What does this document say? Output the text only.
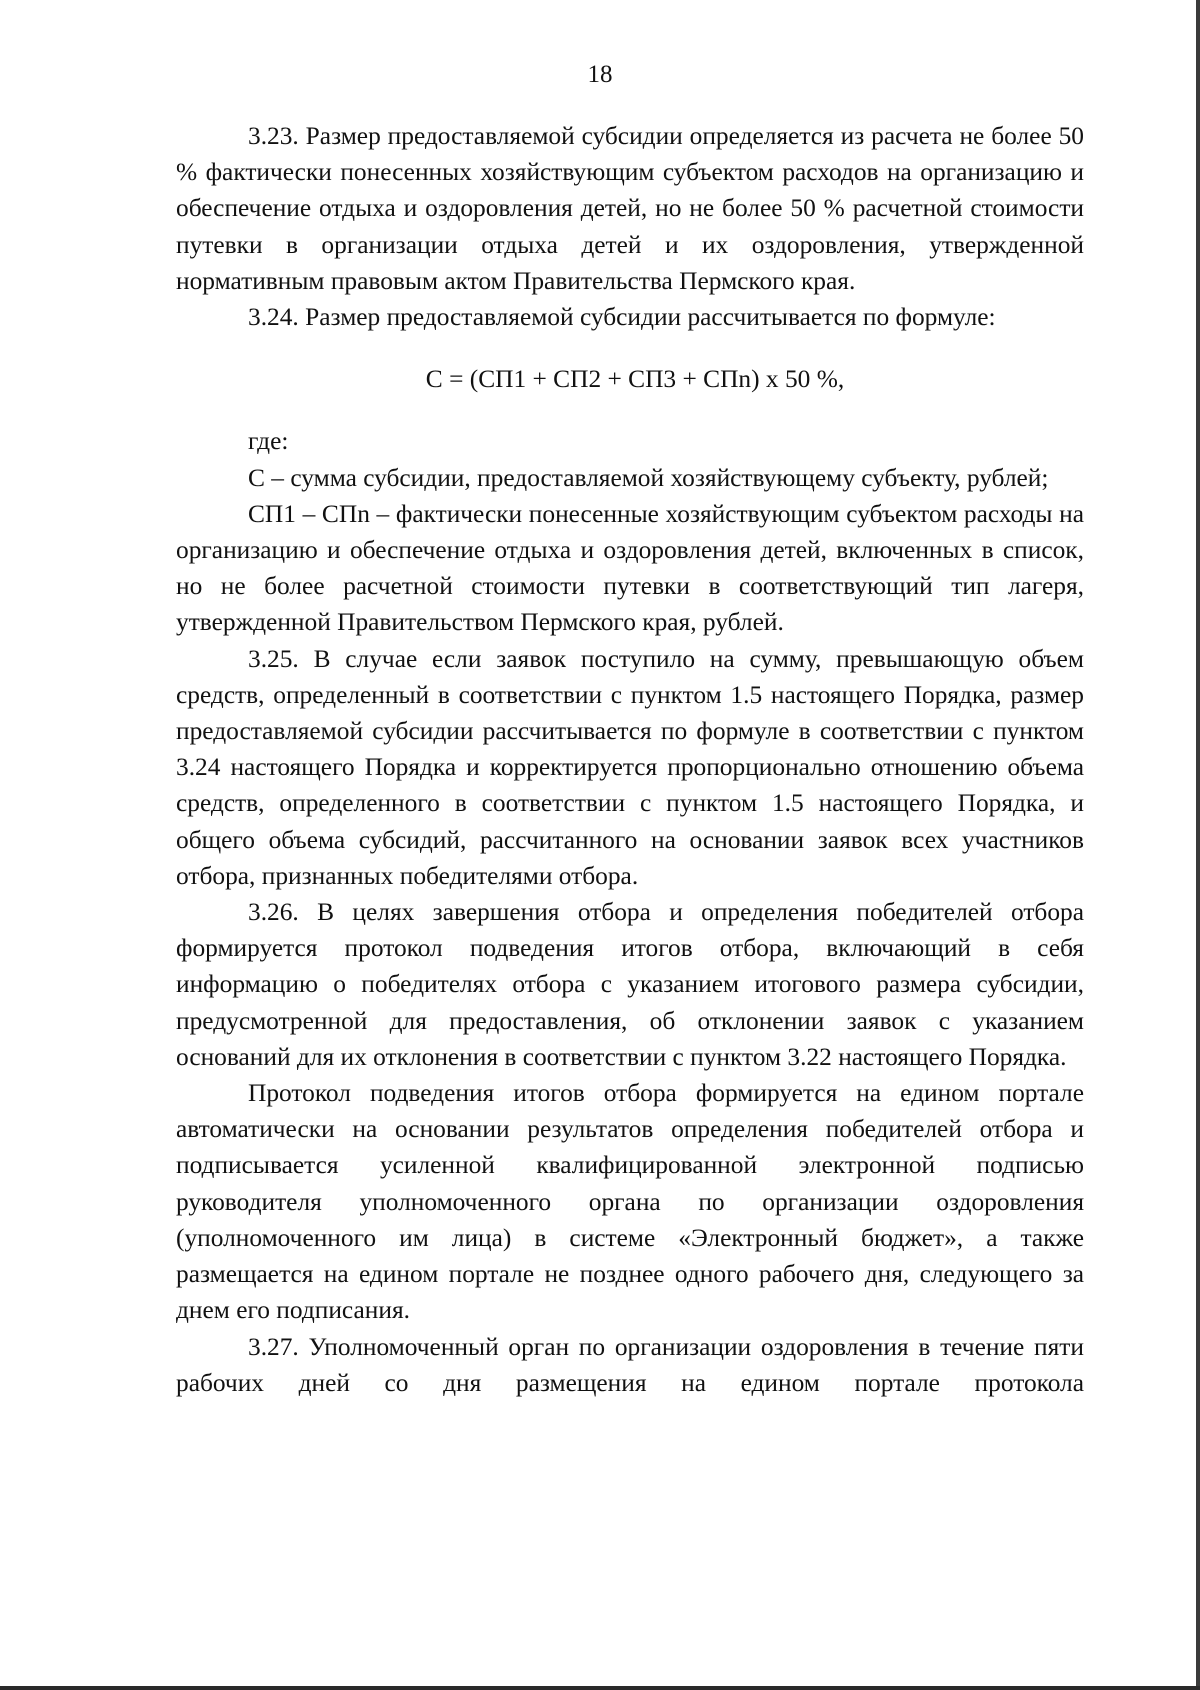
18

3.23. Размер предоставляемой субсидии определяется из расчета не более 50 % фактически понесенных хозяйствующим субъектом расходов на организацию и обеспечение отдыха и оздоровления детей, но не более 50 % расчетной стоимости путевки в организации отдыха детей и их оздоровления, утвержденной нормативным правовым актом Правительства Пермского края.

3.24. Размер предоставляемой субсидии рассчитывается по формуле:

С = (СП1 + СП2 + СП3 + СПn) х 50 %,

где:

С – сумма субсидии, предоставляемой хозяйствующему субъекту, рублей;

СП1 – СПn – фактически понесенные хозяйствующим субъектом расходы на организацию и обеспечение отдыха и оздоровления детей, включенных в список, но не более расчетной стоимости путевки в соответствующий тип лагеря, утвержденной Правительством Пермского края, рублей.

3.25. В случае если заявок поступило на сумму, превышающую объем средств, определенный в соответствии с пунктом 1.5 настоящего Порядка, размер предоставляемой субсидии рассчитывается по формуле в соответствии с пунктом 3.24 настоящего Порядка и корректируется пропорционально отношению объема средств, определенного в соответствии с пунктом 1.5 настоящего Порядка, и общего объема субсидий, рассчитанного на основании заявок всех участников отбора, признанных победителями отбора.

3.26. В целях завершения отбора и определения победителей отбора формируется протокол подведения итогов отбора, включающий в себя информацию о победителях отбора с указанием итогового размера субсидии, предусмотренной для предоставления, об отклонении заявок с указанием оснований для их отклонения в соответствии с пунктом 3.22 настоящего Порядка.

Протокол подведения итогов отбора формируется на едином портале автоматически на основании результатов определения победителей отбора и подписывается усиленной квалифицированной электронной подписью руководителя уполномоченного органа по организации оздоровления (уполномоченного им лица) в системе «Электронный бюджет», а также размещается на едином портале не позднее одного рабочего дня, следующего за днем его подписания.

3.27. Уполномоченный орган по организации оздоровления в течение пяти рабочих дней со дня размещения на едином портале протокола
